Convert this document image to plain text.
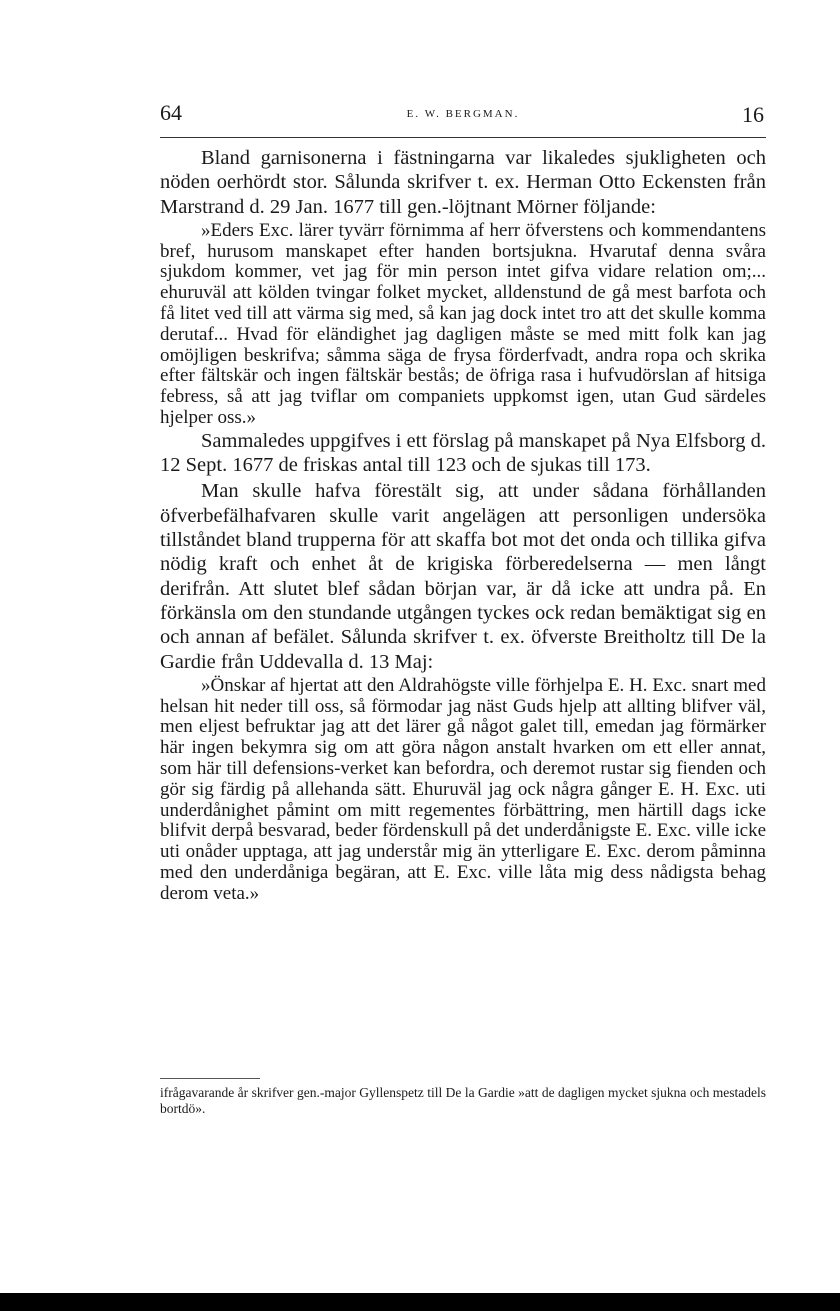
64	E. W. BERGMAN.	16

Bland garnisonerna i fästningarna var likaledes sjukligheten och nöden oerhördt stor. Sålunda skrifver t. ex. Herman Otto Eckensten från Marstrand d. 29 Jan. 1677 till gen.-löjtnant Mörner följande:

»Eders Exc. lärer tyvärr förnimma af herr öfverstens och kommendantens bref, hurusom manskapet efter handen bortsjukna. Hvarutaf denna svåra sjukdom kommer, vet jag för min person intet gifva vidare relation om;... ehuruväl att kölden tvingar folket mycket, alldenstund de gå mest barfota och få litet ved till att värma sig med, så kan jag dock intet tro att det skulle komma derutaf... Hvad för eländighet jag dagligen måste se med mitt folk kan jag omöjligen beskrifva; såmma säga de frysa förderfvadt, andra ropa och skrika efter fältskär och ingen fältskär bestås; de öfriga rasa i hufvudörslan af hitsiga febress, så att jag tviflar om companiets uppkomst igen, utan Gud särdeles hjelper oss.»

Sammaledes uppgifves i ett förslag på manskapet på Nya Elfsborg d. 12 Sept. 1677 de friskas antal till 123 och de sjukas till 173.

Man skulle hafva förestält sig, att under sådana förhållanden öfverbefälhafvaren skulle varit angelägen att personligen undersöka tillståndet bland trupperna för att skaffa bot mot det onda och tillika gifva nödig kraft och enhet åt de krigiska förberedelserna — men långt derifrån. Att slutet blef sådan början var, är då icke att undra på. En förkänsla om den stundande utgången tyckes ock redan bemäktigat sig en och annan af befälet. Sålunda skrifver t. ex. öfverste Breitholtz till De la Gardie från Uddevalla d. 13 Maj:

»Önskar af hjertat att den Aldrahögste ville förhjelpa E. H. Exc. snart med helsan hit neder till oss, så förmodar jag näst Guds hjelp att allting blifver väl, men eljest befruktar jag att det lärer gå något galet till, emedan jag förmärker här ingen bekymra sig om att göra någon anstalt hvarken om ett eller annat, som här till defensions-verket kan befordra, och deremot rustar sig fienden och gör sig färdig på allehanda sätt. Ehuruväl jag ock några gånger E. H. Exc. uti underdånighet påmint om mitt regementes förbättring, men härtill dags icke blifvit derpå besvarad, beder fördenskull på det underdånigste E. Exc. ville icke uti onåder upptaga, att jag understår mig än ytterligare E. Exc. derom påminna med den underdåniga begäran, att E. Exc. ville låta mig dess nådigsta behag derom veta.»

ifrågavarande år skrifver gen.-major Gyllenspetz till De la Gardie »att de dagligen mycket sjukna och mestadels bortdö».
